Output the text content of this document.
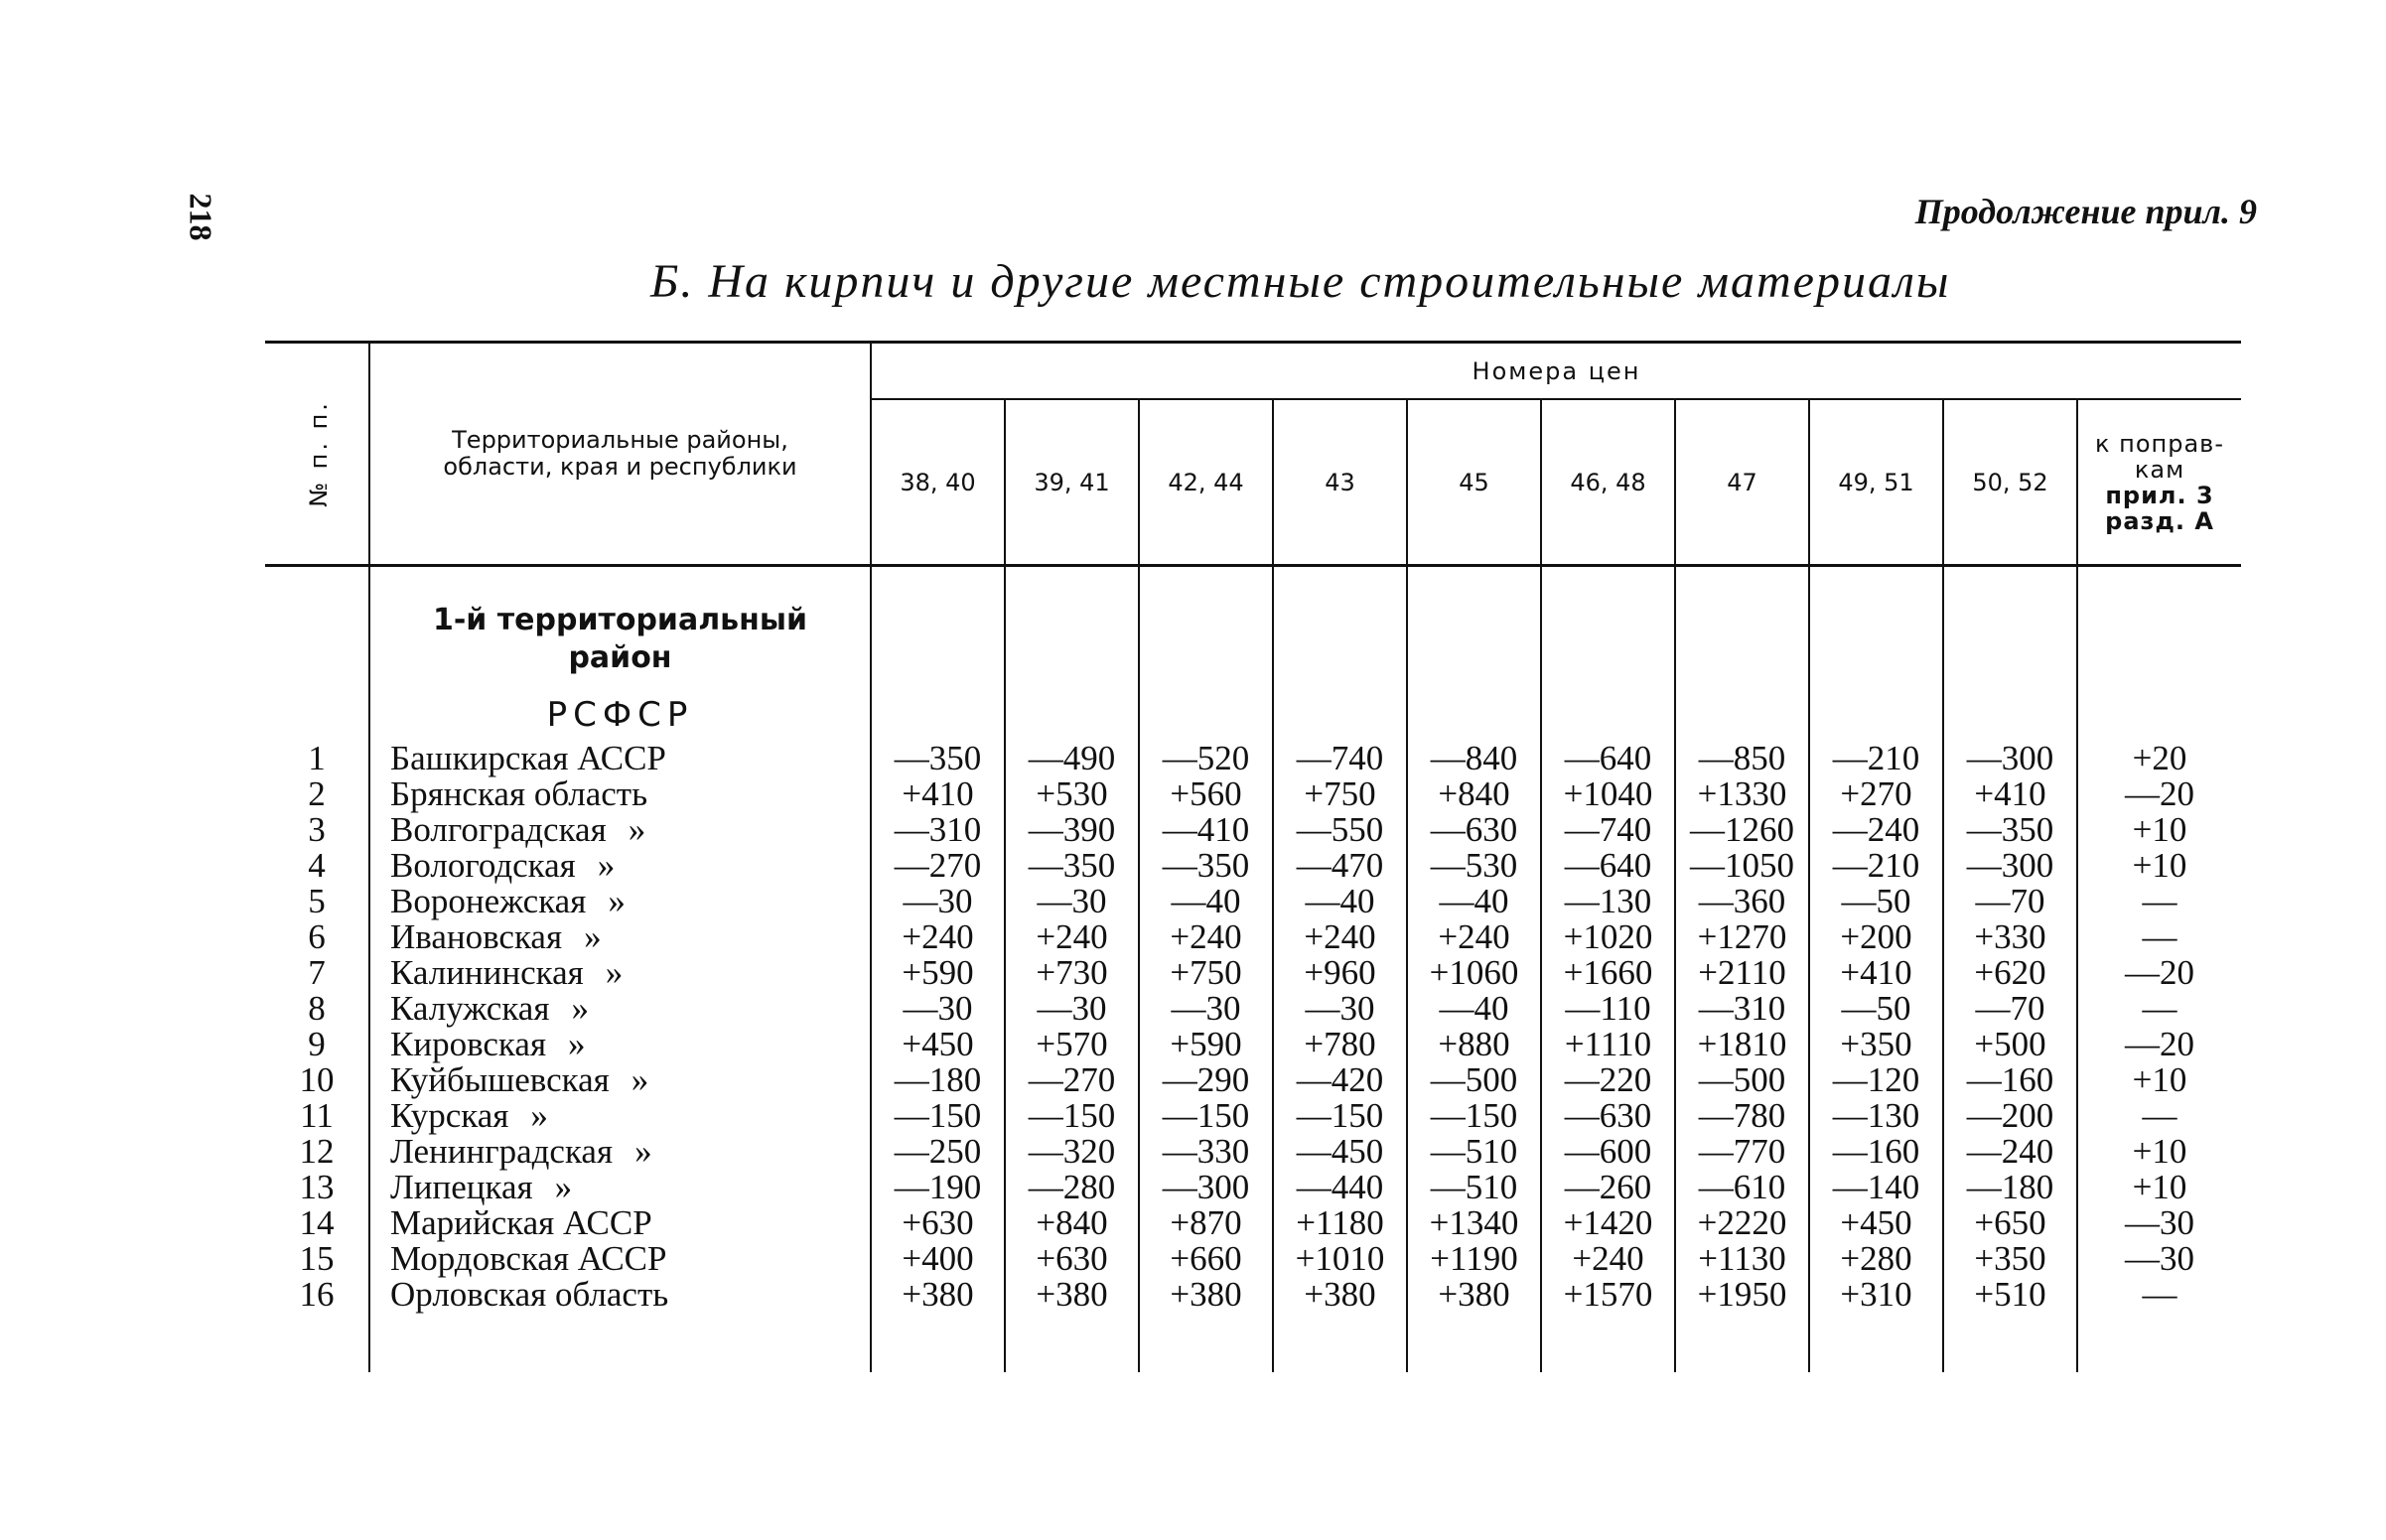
218	Продолжение прил. 9
Б. На кирпич и другие местные строительные материалы
№ п. п.	Территориальные районы,
области, края и республики	Номера цен									
		38, 40	39, 41	42, 44	43	45	46, 48	47	49, 51	50, 52	к поправ-
кам
прил. 3
разд. А

	1-й территориальный
район
РСФСР										

1	Башкирская АССР	—350	—490	—520	—740	—840	—640	—850	—210	—300	+20
2	Брянская область	+410	+530	+560	+750	+840	+1040	+1330	+270	+410	—20
3	Волгоградская »	—310	—390	—410	—550	—630	—740	—1260	—240	—350	+10
4	Вологодская »	—270	—350	—350	—470	—530	—640	—1050	—210	—300	+10
5	Воронежская »	—30	—30	—40	—40	—40	—130	—360	—50	—70	—
6	Ивановская »	+240	+240	+240	+240	+240	+1020	+1270	+200	+330	—
7	Калининская »	+590	+730	+750	+960	+1060	+1660	+2110	+410	+620	—20
8	Калужская »	—30	—30	—30	—30	—40	—110	—310	—50	—70	—
9	Кировская »	+450	+570	+590	+780	+880	+1110	+1810	+350	+500	—20
10	Куйбышевская »	—180	—270	—290	—420	—500	—220	—500	—120	—160	+10
11	Курская »	—150	—150	—150	—150	—150	—630	—780	—130	—200	—
12	Ленинградская »	—250	—320	—330	—450	—510	—600	—770	—160	—240	+10
13	Липецкая »	—190	—280	—300	—440	—510	—260	—610	—140	—180	+10
14	Марийская АССР	+630	+840	+870	+1180	+1340	+1420	+2220	+450	+650	—30
15	Мордовская АССР	+400	+630	+660	+1010	+1190	+240	+1130	+280	+350	—30
16	Орловская область	+380	+380	+380	+380	+380	+1570	+1950	+310	+510	—
